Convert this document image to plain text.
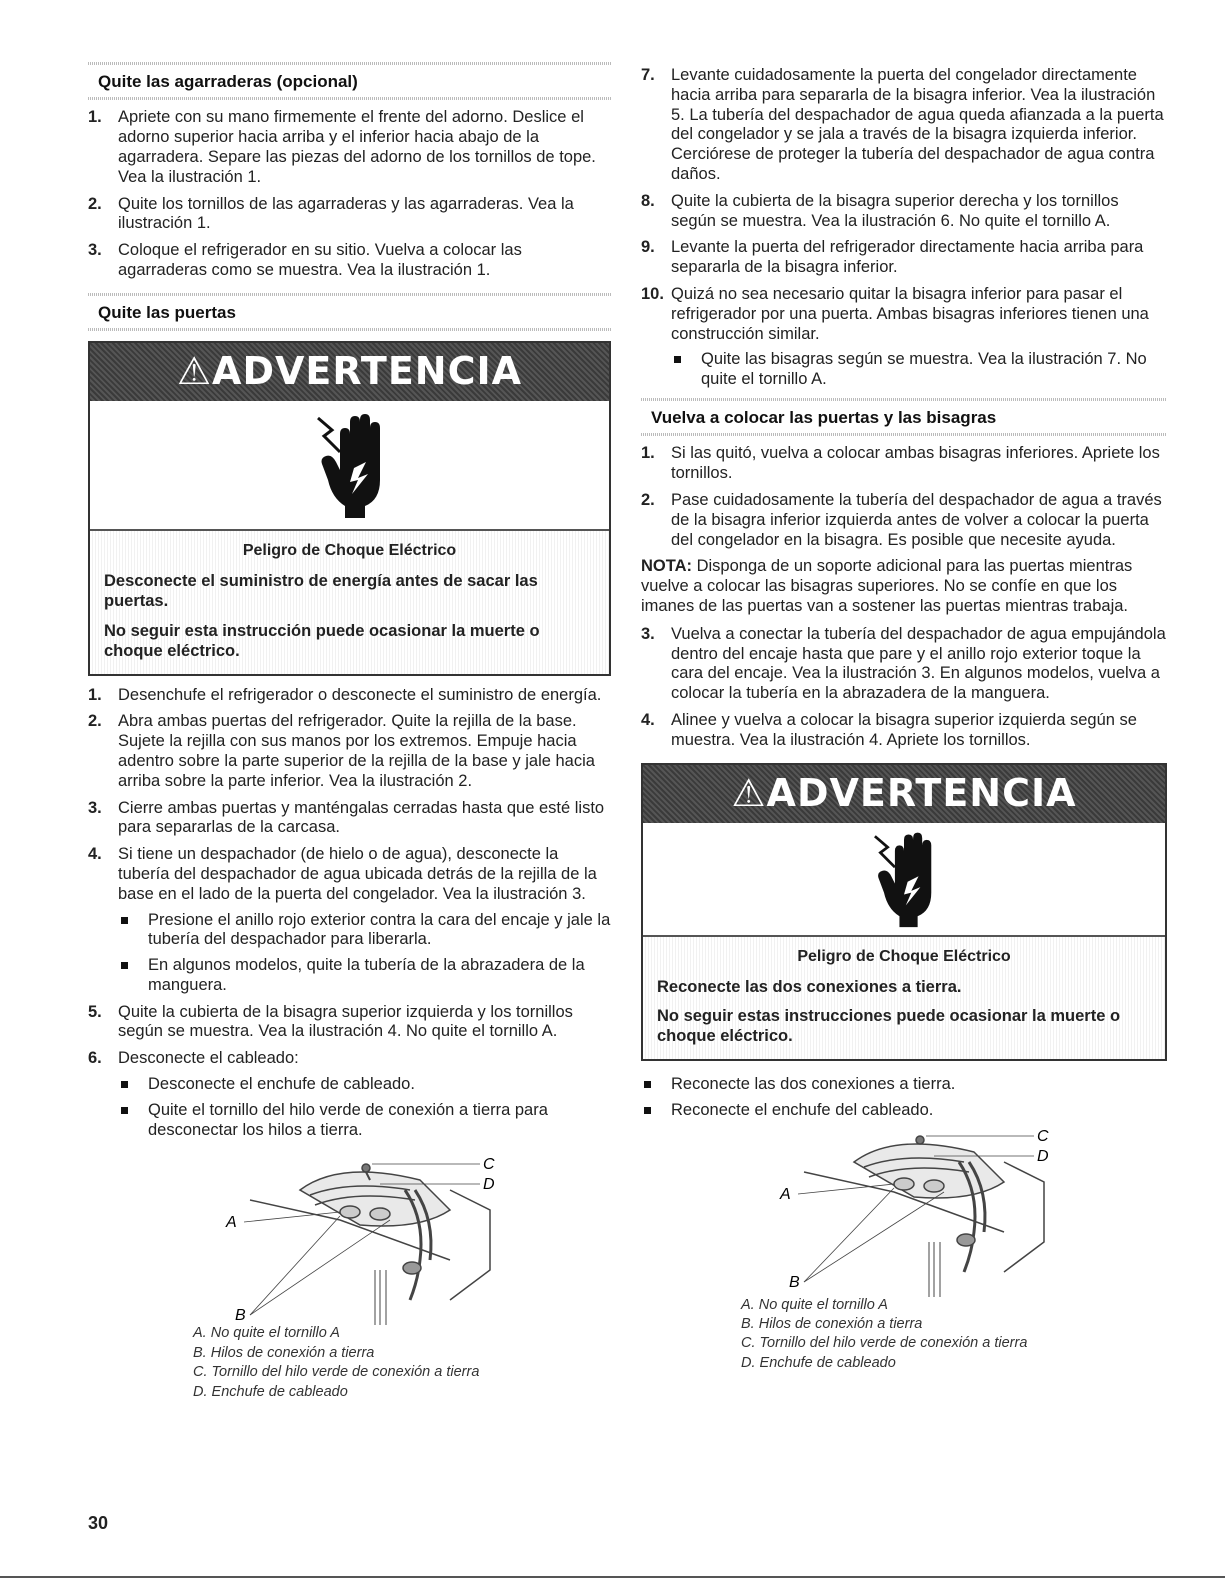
Quite las agarraderas (opcional)
1. Apriete con su mano firmemente el frente del adorno. Deslice el adorno superior hacia arriba y el inferior hacia abajo de la agarradera. Separe las piezas del adorno de los tornillos de tope. Vea la ilustración 1.
2. Quite los tornillos de las agarraderas y las agarraderas. Vea la ilustración 1.
3. Coloque el refrigerador en su sitio. Vuelva a colocar las agarraderas como se muestra. Vea la ilustración 1.
Quite las puertas
⚠ADVERTENCIA

Peligro de Choque Eléctrico

Desconecte el suministro de energía antes de sacar las puertas.

No seguir esta instrucción puede ocasionar la muerte o choque eléctrico.

1. Desenchufe el refrigerador o desconecte el suministro de energía.
2. Abra ambas puertas del refrigerador. Quite la rejilla de la base. Sujete la rejilla con sus manos por los extremos. Empuje hacia adentro sobre la parte superior de la rejilla de la base y jale hacia arriba sobre la parte inferior. Vea la ilustración 2.
3. Cierre ambas puertas y manténgalas cerradas hasta que esté listo para separarlas de la carcasa.
4. Si tiene un despachador (de hielo o de agua), desconecte la tubería del despachador de agua ubicada detrás de la rejilla de la base en el lado de la puerta del congelador. Vea la ilustración 3.
Presione el anillo rojo exterior contra la cara del encaje y jale la tubería del despachador para liberarla.
En algunos modelos, quite la tubería de la abrazadera de la manguera.
5. Quite la cubierta de la bisagra superior izquierda y los tornillos según se muestra. Vea la ilustración 4. No quite el tornillo A.
6. Desconecte el cableado:
Desconecte el enchufe de cableado.
Quite el tornillo del hilo verde de conexión a tierra para desconectar los hilos a tierra.
C
D
A
B
A. No quite el tornillo A
B. Hilos de conexión a tierra
C. Tornillo del hilo verde de conexión a tierra
D. Enchufe de cableado
7. Levante cuidadosamente la puerta del congelador directamente hacia arriba para separarla de la bisagra inferior. Vea la ilustración 5. La tubería del despachador de agua queda afianzada a la puerta del congelador y se jala a través de la bisagra izquierda inferior. Cerciórese de proteger la tubería del despachador de agua contra daños.
8. Quite la cubierta de la bisagra superior derecha y los tornillos según se muestra. Vea la ilustración 6. No quite el tornillo A.
9. Levante la puerta del refrigerador directamente hacia arriba para separarla de la bisagra inferior.
10. Quizá no sea necesario quitar la bisagra inferior para pasar el refrigerador por una puerta. Ambas bisagras inferiores tienen una construcción similar.
Quite las bisagras según se muestra. Vea la ilustración 7. No quite el tornillo A.
Vuelva a colocar las puertas y las bisagras
1. Si las quitó, vuelva a colocar ambas bisagras inferiores. Apriete los tornillos.
2. Pase cuidadosamente la tubería del despachador de agua a través de la bisagra inferior izquierda antes de volver a colocar la puerta del congelador en la bisagra. Es posible que necesite ayuda.

NOTA: Disponga de un soporte adicional para las puertas mientras vuelve a colocar las bisagras superiores. No se confíe en que los imanes de las puertas van a sostener las puertas mientras trabaja.

3. Vuelva a conectar la tubería del despachador de agua empujándola dentro del encaje hasta que pare y el anillo rojo exterior toque la cara del encaje. Vea la ilustración 3. En algunos modelos, vuelva a colocar la tubería en la abrazadera de la manguera.
4. Alinee y vuelva a colocar la bisagra superior izquierda según se muestra. Vea la ilustración 4. Apriete los tornillos.
⚠ADVERTENCIA

Peligro de Choque Eléctrico

Reconecte las dos conexiones a tierra.

No seguir estas instrucciones puede ocasionar la muerte o choque eléctrico.

Reconecte las dos conexiones a tierra.
Reconecte el enchufe del cableado.
C
D
A
B
A. No quite el tornillo A
B. Hilos de conexión a tierra
C. Tornillo del hilo verde de conexión a tierra
D. Enchufe de cableado
30
